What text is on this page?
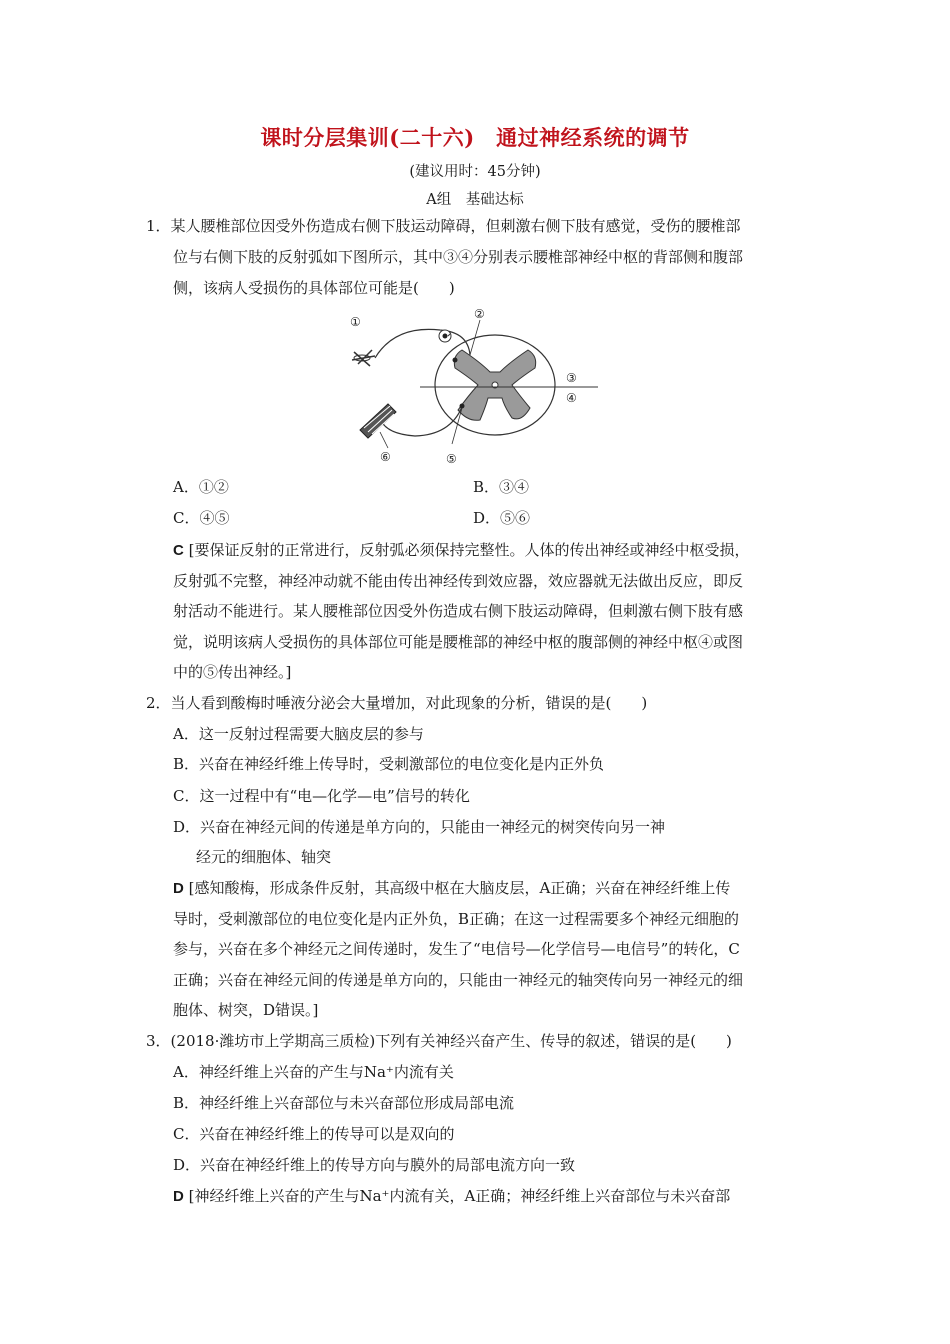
课时分层集训(二十六)　通过神经系统的调节
(建议用时：45分钟)
A组　基础达标
1．某人腰椎部位因受外伤造成右侧下肢运动障碍，但刺激右侧下肢有感觉，受伤的腰椎部
位与右侧下肢的反射弧如下图所示，其中③④分别表示腰椎部神经中枢的背部侧和腹部
侧，该病人受损伤的具体部位可能是(　　)
①
②
③
④
⑤
⑥
A．①②	B．③④
C．④⑤	D．⑤⑥
C [要保证反射的正常进行，反射弧必须保持完整性。人体的传出神经或神经中枢受损，
反射弧不完整，神经冲动就不能由传出神经传到效应器，效应器就无法做出反应，即反
射活动不能进行。某人腰椎部位因受外伤造成右侧下肢运动障碍，但刺激右侧下肢有感
觉，说明该病人受损伤的具体部位可能是腰椎部的神经中枢的腹部侧的神经中枢④或图
中的⑤传出神经。]
2．当人看到酸梅时唾液分泌会大量增加，对此现象的分析，错误的是(　　)
A．这一反射过程需要大脑皮层的参与
B．兴奋在神经纤维上传导时，受刺激部位的电位变化是内正外负
C．这一过程中有“电—化学—电”信号的转化
D．兴奋在神经元间的传递是单方向的，只能由一神经元的树突传向另一神
经元的细胞体、轴突
D [感知酸梅，形成条件反射，其高级中枢在大脑皮层，A正确；兴奋在神经纤维上传
导时，受刺激部位的电位变化是内正外负，B正确；在这一过程需要多个神经元细胞的
参与，兴奋在多个神经元之间传递时，发生了“电信号—化学信号—电信号”的转化，C
正确；兴奋在神经元间的传递是单方向的，只能由一神经元的轴突传向另一神经元的细
胞体、树突，D错误。]
3．(2018·潍坊市上学期高三质检)下列有关神经兴奋产生、传导的叙述，错误的是(　　)
A．神经纤维上兴奋的产生与Na⁺内流有关
B．神经纤维上兴奋部位与未兴奋部位形成局部电流
C．兴奋在神经纤维上的传导可以是双向的
D．兴奋在神经纤维上的传导方向与膜外的局部电流方向一致
D [神经纤维上兴奋的产生与Na⁺内流有关，A正确；神经纤维上兴奋部位与未兴奋部
